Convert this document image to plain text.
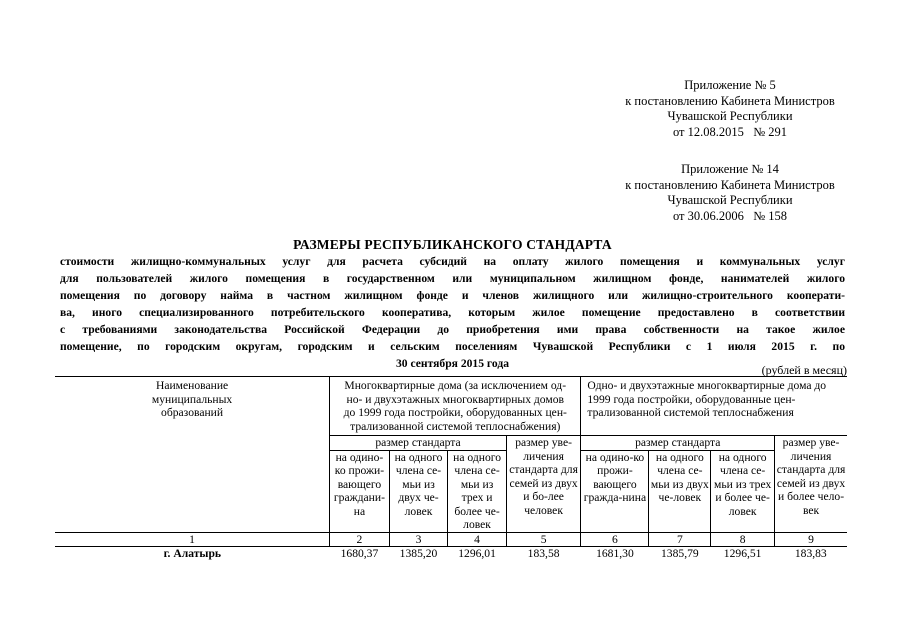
Приложение № 5
к постановлению Кабинета Министров
Чувашской Республики
от 12.08.2015   № 291
Приложение № 14
к постановлению Кабинета Министров
Чувашской Республики
от 30.06.2006   № 158
РАЗМЕРЫ РЕСПУБЛИКАНСКОГО СТАНДАРТА
стоимости жилищно-коммунальных услуг для расчета субсидий на оплату жилого помещения и коммунальных услуг
для пользователей жилого помещения в государственном или муниципальном жилищном фонде, нанимателей жилого
помещения по договору найма в частном жилищном фонде и членов жилищного или жилищно-строительного кооперати-
ва, иного специализированного потребительского кооператива, которым жилое помещение предоставлено в соответствии
с требованиями законодательства Российской Федерации до приобретения ими права собственности на такое жилое
помещение, по городским округам, городским и сельским поселениям Чувашской Республики с 1 июля 2015 г. по
30 сентября 2015 года	(рублей в месяц)
Наименование муниципальных образований	Многоквартирные дома (за исключением од-но- и двухэтажных многоквартирных домов до 1999 года постройки, оборудованных цен-трализованной системой теплоснабжения)				Одно- и двухэтажные многоквартирные дома до 1999 года постройки, оборудованные цен-трализованной системой теплоснабжения			
	размер стандарта			размер уве-личения стандарта для семей из двух и бо-лее человек	размер стандарта			размер уве-личения стандарта для семей из двух и более чело-век
	на одино-ко прожи-вающего граждани-на	на одного члена се-мьи из двух че-ловек	на одного члена се-мьи из трех и более че-ловек		на одино-ко прожи-вающего гражда-нина	на одного члена се-мьи из двух че-ловек	на одного члена се-мьи из трех и более че-ловек	
1	2	3	4	5	6	7	8	9
г. Алатырь	1680,37	1385,20	1296,01	183,58	1681,30	1385,79	1296,51	183,83
